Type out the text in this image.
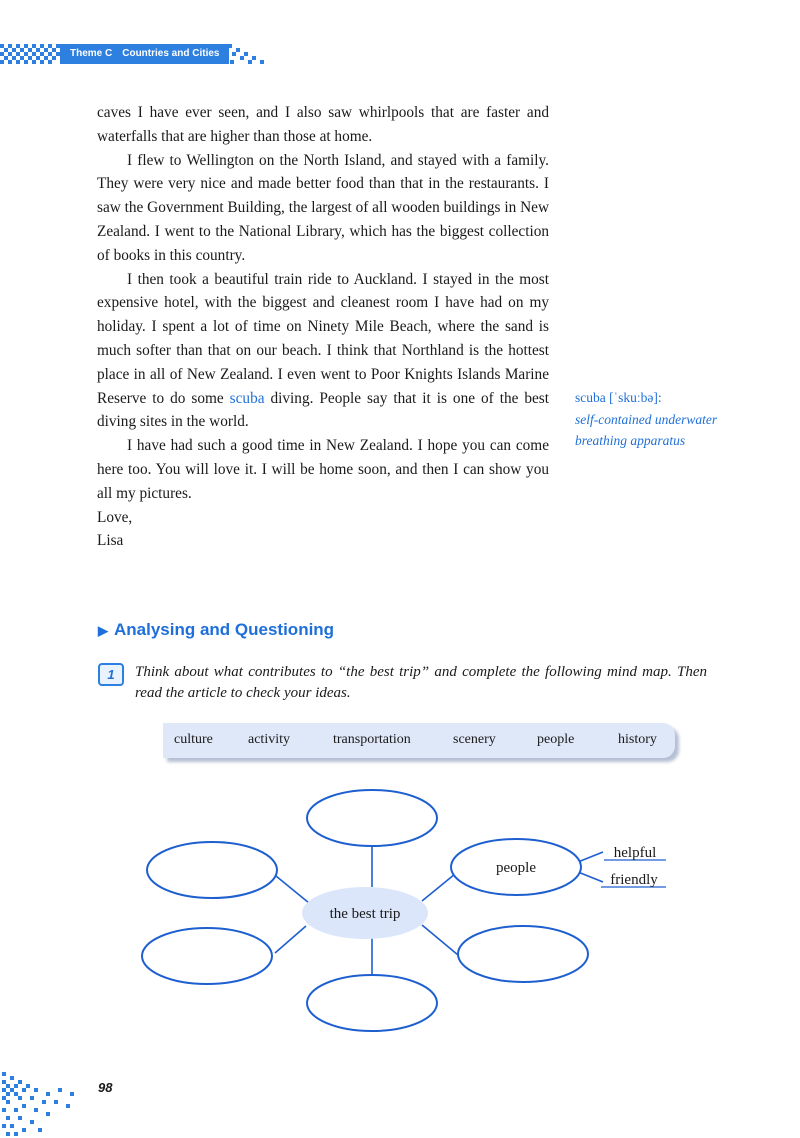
Theme C Countries and Cities

caves I have ever seen, and I also saw whirlpools that are faster and waterfalls that are higher than those at home.

I flew to Wellington on the North Island, and stayed with a family. They were very nice and made better food than that in the restaurants. I saw the Government Building, the largest of all wooden buildings in New Zealand. I went to the National Library, which has the biggest collection of books in this country.

I then took a beautiful train ride to Auckland. I stayed in the most expensive hotel, with the biggest and cleanest room I have had on my holiday. I spent a lot of time on Ninety Mile Beach, where the sand is much softer than that on our beach. I think that Northland is the hottest place in all of New Zealand. I even went to Poor Knights Islands Marine Reserve to do some scuba diving. People say that it is one of the best diving sites in the world.

I have had such a good time in New Zealand. I hope you can come here too. You will love it. I will be home soon, and then I can show you all my pictures.

Love,

Lisa

scuba [ˈskuːbə]:
self-contained underwater breathing apparatus
▶ Analysing and Questioning
1	Think about what contributes to “the best trip” and complete the following mind map. Then read the article to check your ideas.
culture	activity	transportation	scenery	people	history
the best trip
people
helpful
friendly
98
